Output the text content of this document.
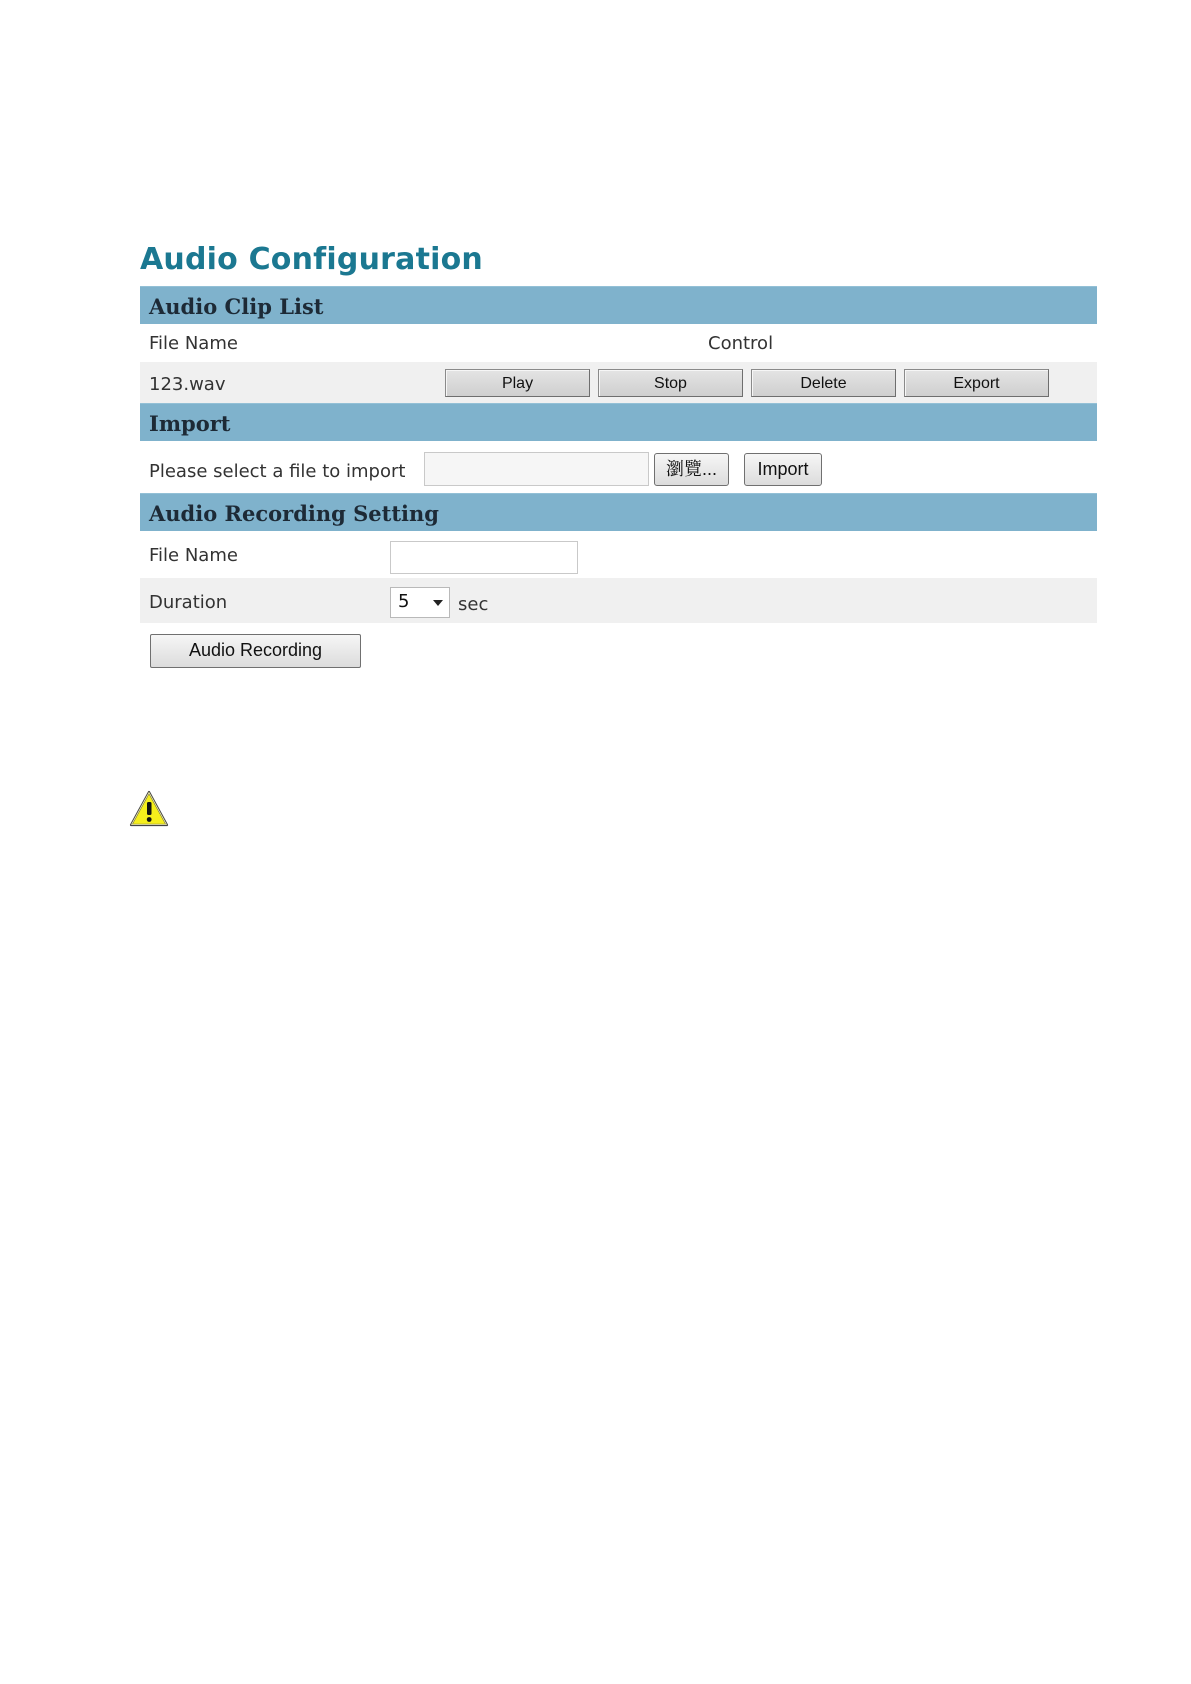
Audio Configuration
Audio Clip List
File Name	Control
123.wav	Play	Stop	Delete	Export
Import
Please select a file to import	瀏覽...	Import
Audio Recording Setting
File Name
Duration	5	sec
Audio Recording
